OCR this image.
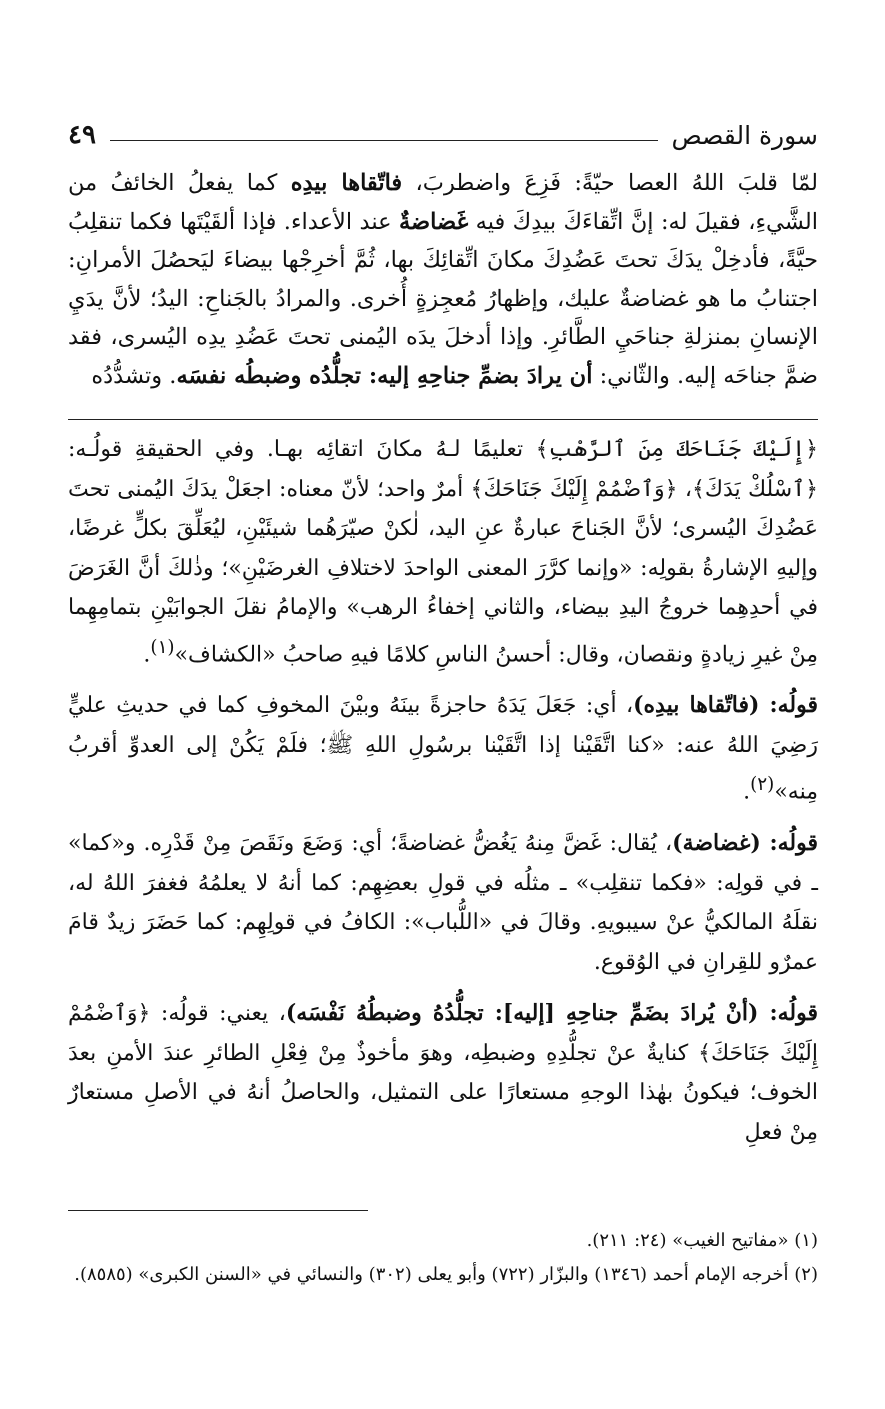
سورة القصص
٤٩
لمّا قلبَ اللهُ العصا حيّةً: فَزِعَ واضطربَ، فاتّقاها بيدِه كما يفعلُ الخائفُ من الشَّيءِ، فقيلَ له: إنَّ اتِّقاءَكَ بيدِكَ فيه غَضاضةٌ عند الأعداء. فإذا ألقَيْتَها فكما تنقلِبُ حيَّةً، فأدخِلْ يدَكَ تحتَ عَضُدِكَ مكانَ اتِّقائِكَ بها، ثُمَّ أخرِجْها بيضاءَ ليَحصُلَ الأمرانِ: اجتنابُ ما هو غضاضةٌ عليك، وإظهارُ مُعجِزةٍ أُخرى. والمرادُ بالجَناحِ: اليدُ؛ لأنَّ يدَيِ الإنسانِ بمنزلةِ جناحَيِ الطَّائرِ. وإذا أدخلَ يدَه اليُمنى تحتَ عَضُدِ يدِه اليُسرى، فقد ضمَّ جناحَه إليه. والثّاني: أن يرادَ بضمِّ جناحِهِ إليه: تجلُّدُه وضبطُه نفسَه. وتشدُّدُه

﴿إِلَيْكَ جَنَاحَكَ مِنَ ٱلرَّهْبِ﴾ تعليمًا لـهُ مكانَ اتقائِه بهـا. وفي الحقيقةِ قولُـه: ﴿ٱسْلُكْ يَدَكَ﴾، ﴿وَٱضْمُمْ إِلَيْكَ جَنَاحَكَ﴾ أمرٌ واحد؛ لأنّ معناه: اجعَلْ يدَكَ اليُمنى تحتَ عَضُدِكَ اليُسرى؛ لأنَّ الجَناحَ عبارةٌ عنِ اليد، لٰكنْ صيّرَهُما شيئَيْنِ، ليُعَلِّقَ بكلٍّ غرضًا، وإليهِ الإشارةُ بقولِه: «وإنما كرَّرَ المعنى الواحدَ لاختلافِ الغرضَيْنِ»؛ وذٰلكَ أنَّ الغَرَضَ في أحدِهِما خروجُ اليدِ بيضاء، والثاني إخفاءُ الرهب» والإمامُ نقلَ الجوابَيْنِ بتمامِهِما مِنْ غيرِ زيادةٍ ونقصان، وقال: أحسنُ الناسِ كلامًا فيهِ صاحبُ «الكشاف»$^{(١)}$.

قولُه: (فاتّقاها بيدِه)، أي: جَعَلَ يَدَهُ حاجزةً بينَهُ وبيْنَ المخوفِ كما في حديثِ عليٍّ رَضِيَ اللهُ عنه: «كنا اتَّقَيْنا إذا اتَّقَيْنا برسُولِ اللهِ ﷺ؛ فلَمْ يَكُنْ إلى العدوِّ أقربُ مِنه»$^{(٢)}$.

قولُه: (غضاضة)، يُقال: غَضَّ مِنهُ يَغُضُّ غضاضةً؛ أي: وَضَعَ ونَقَصَ مِنْ قَدْرِه. و«كما» ـ في قولِه: «فكما تنقلِب» ـ مثلُه في قولِ بعضِهِم: كما أنهُ لا يعلمُهُ فغفرَ اللهُ له، نقلَهُ المالكيُّ عنْ سيبويهِ. وقالَ في «اللُّباب»: الكافُ في قولِهِم: كما حَضَرَ زيدٌ قامَ عمرٌو للقِرانِ في الوُقوع.

قولُه: (أنْ يُرادَ بضَمِّ جناحِهِ [إليه]: تجلُّدُهُ وضبطُهُ نَفْسَه)، يعني: قولُه: ﴿وَٱضْمُمْ إِلَيْكَ جَنَاحَكَ﴾ كنايةٌ عنْ تجلُّدِهِ وضبطِه، وهوَ مأخوذٌ مِنْ فِعْلِ الطائرِ عندَ الأمنِ بعدَ الخوف؛ فيكونُ بهٰذا الوجهِ مستعارًا على التمثيل، والحاصلُ أنهُ في الأصلِ مستعارٌ مِنْ فعلِ

(١) «مفاتيح الغيب» (٢٤: ٢١١).

(٢) أخرجه الإمام أحمد (١٣٤٦) والبزّار (٧٢٢) وأبو يعلى (٣٠٢) والنسائي في «السنن الكبرى» (٨٥٨٥).
